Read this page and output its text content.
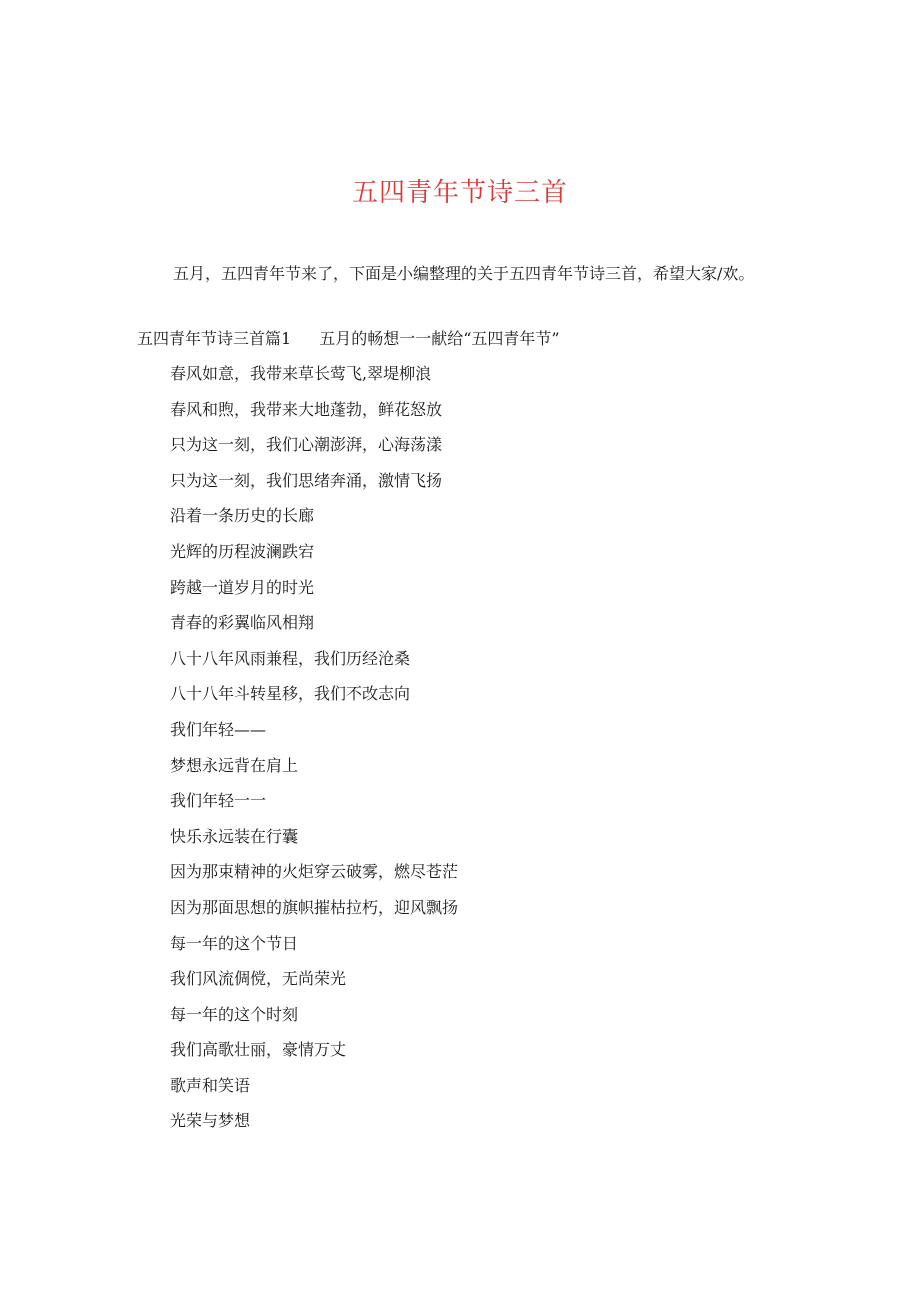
五四青年节诗三首
五月，五四青年节来了，下面是小编整理的关于五四青年节诗三首，希望大家/欢。
五四青年节诗三首篇1 五月的畅想一一献给“五四青年节”
春风如意，我带来草长莺飞,翠堤柳浪
春风和煦，我带来大地蓬勃，鲜花怒放
只为这一刻，我们心潮澎湃，心海荡漾
只为这一刻，我们思绪奔涌，激情飞扬
沿着一条历史的长廊
光辉的历程波澜跌宕
跨越一道岁月的时光
青春的彩翼临风相翔
八十八年风雨兼程，我们历经沧桑
八十八年斗转星移，我们不改志向
我们年轻——
梦想永远背在肩上
我们年轻一一
快乐永远装在行囊
因为那束精神的火炬穿云破雾，燃尽苍茫
因为那面思想的旗帜摧枯拉朽，迎风飘扬
每一年的这个节日
我们风流倜傥，无尚荣光
每一年的这个时刻
我们高歌壮丽，豪情万丈
歌声和笑语
光荣与梦想
